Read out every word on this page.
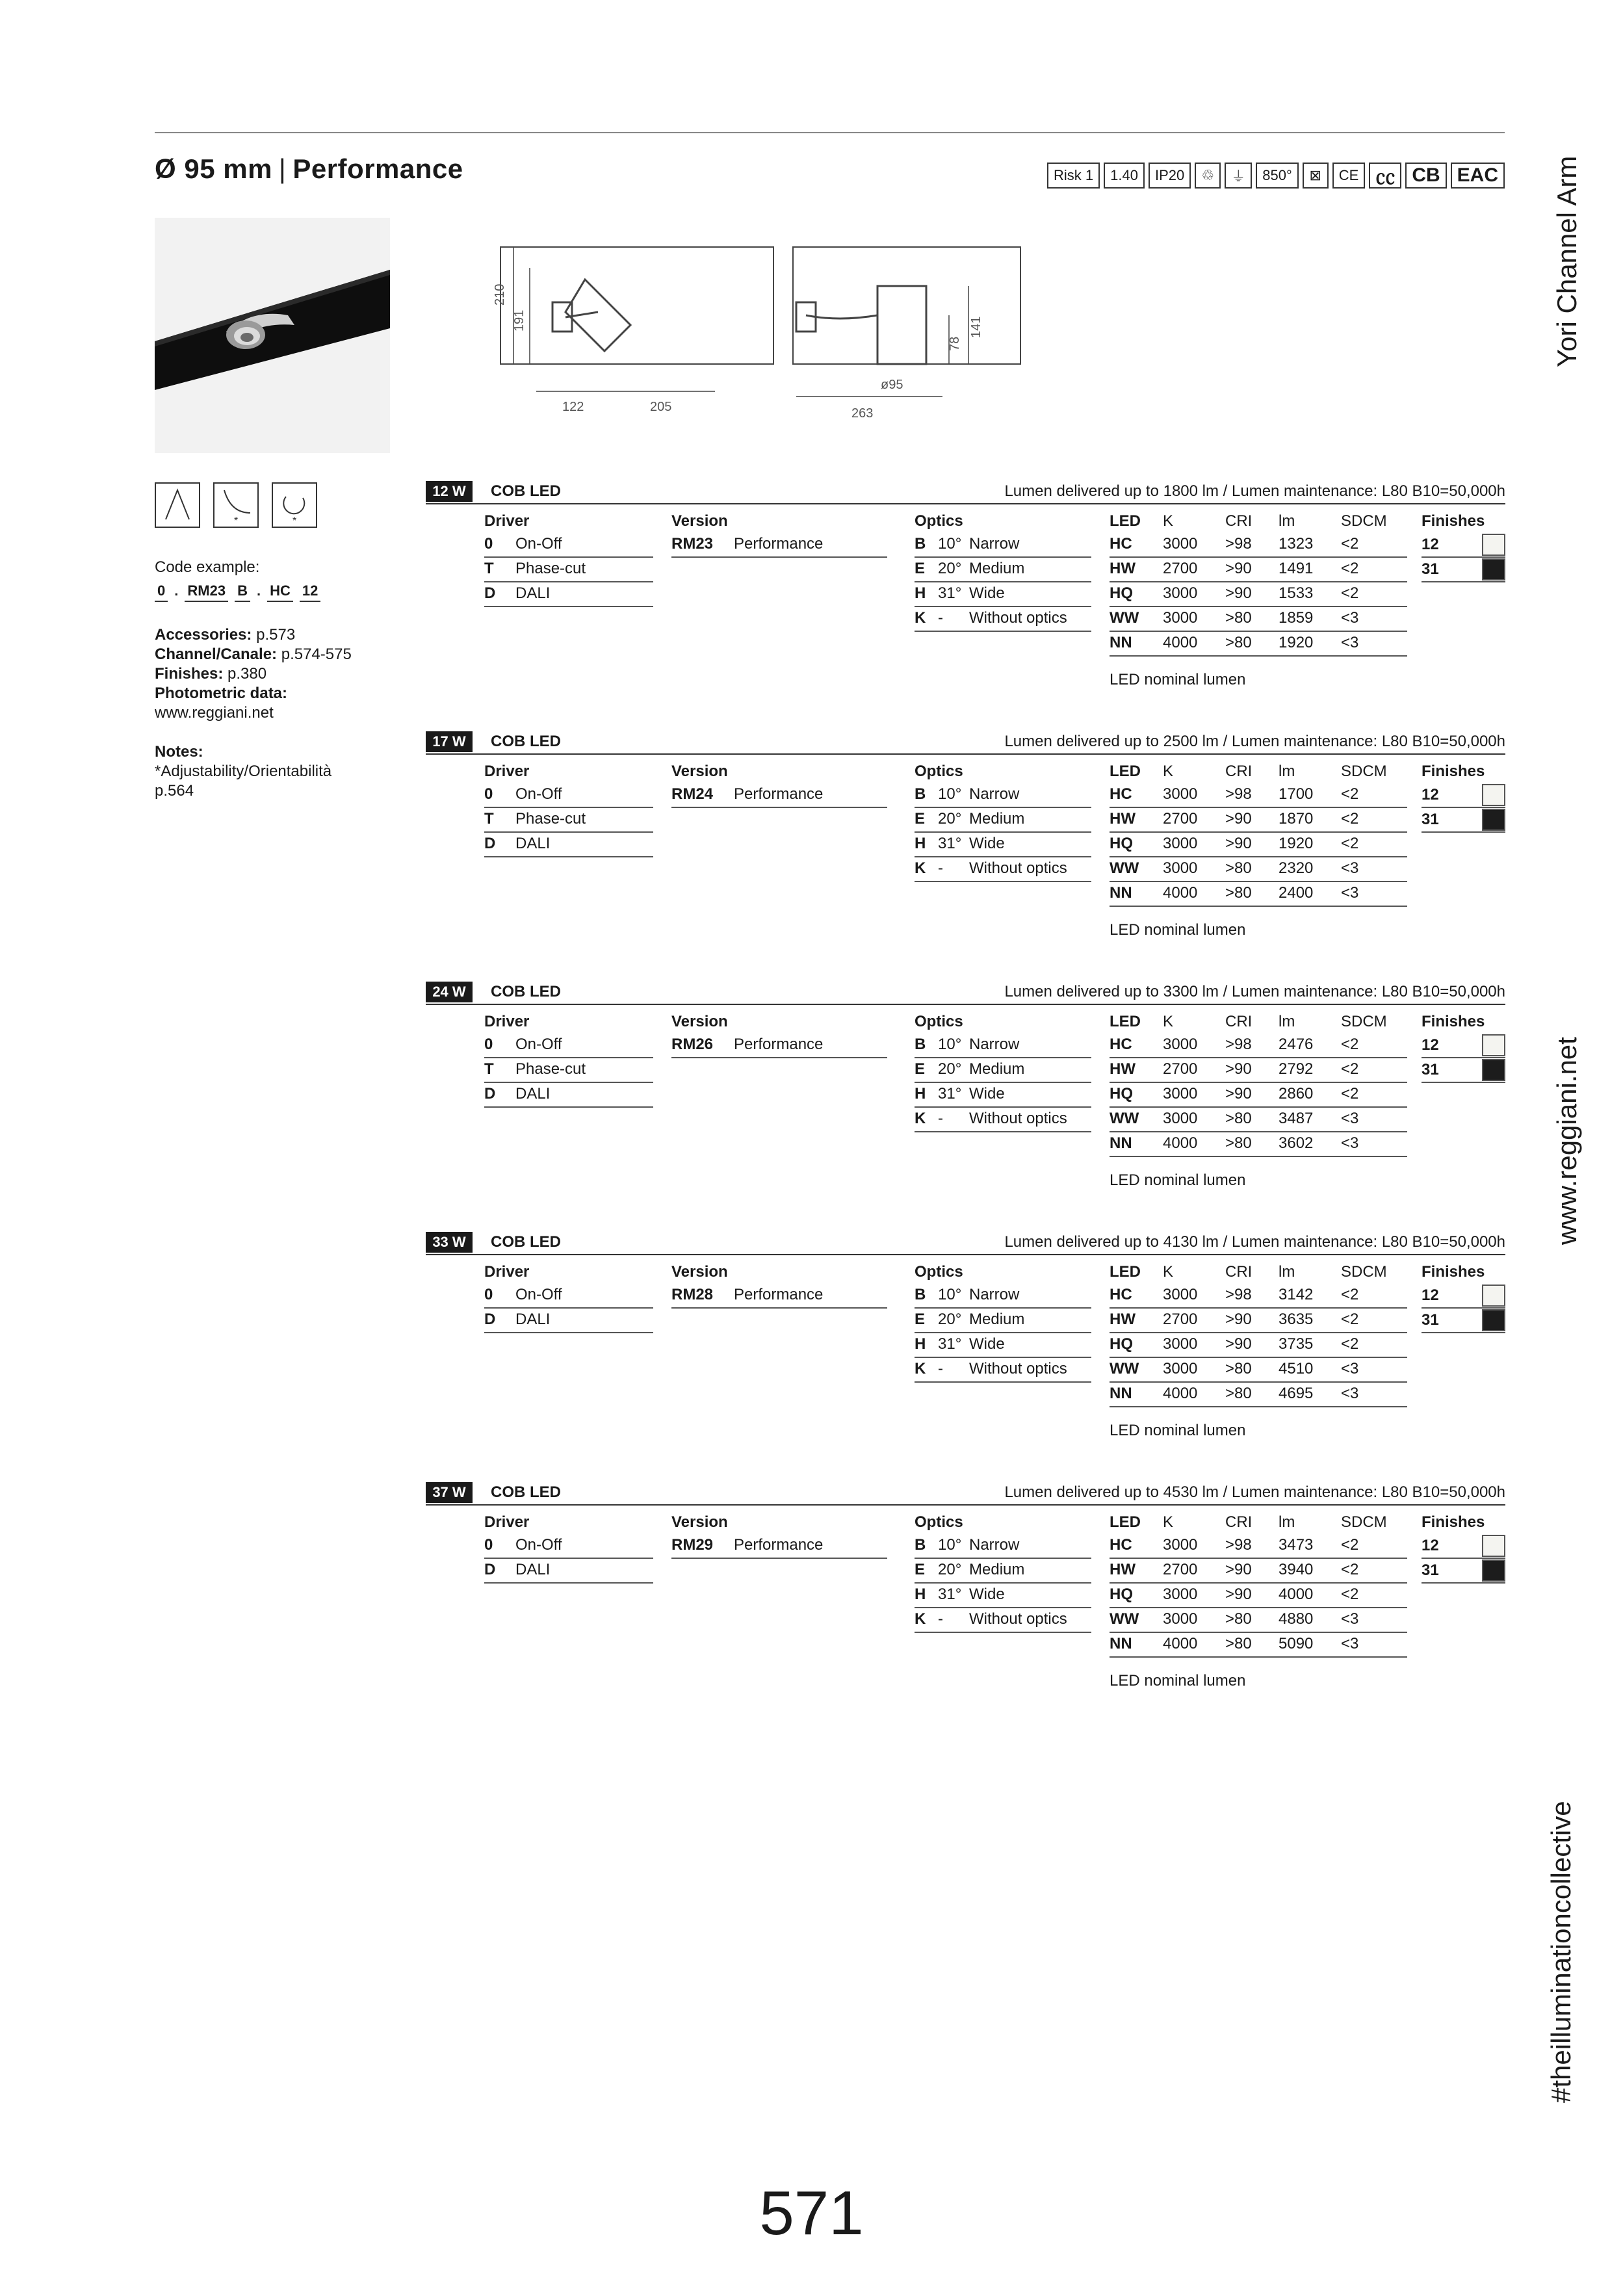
Ø 95 mm | Performance	Risk 1	1.40	IP20	♲	⏚	850°	⊠	CE ㏄ CB EAC
210
191
122	205
ø95
263
78
141
*	*
Code example:
0 . RM23 B . HC 12
Accessories: p.573
Channel/Canale: p.574-575
Finishes: p.380
Photometric data:
www.reggiani.net
Notes:
*Adjustability/Orientabilità
p.564
12 W	COB LED	Lumen delivered up to 1800 lm / Lumen maintenance: L80 B10=50,000h
Driver
0	On-Off
T	Phase-cut
D	DALI
Version
RM23	Performance
Optics
B 10° Narrow
E 20° Medium
H 31° Wide
K -	Without optics
LED K	CRI lm	SDCM
HC	3000	>98	1323	<2
HW	2700	>90	1491	<2
HQ	3000	>90	1533	<2
WW	3000	>80	1859	<3
NN	4000	>80	1920	<3
LED nominal lumen
Finishes
12
31
17 W	COB LED	Lumen delivered up to 2500 lm / Lumen maintenance: L80 B10=50,000h
Driver
0	On-Off
T	Phase-cut
D	DALI
Version
RM24	Performance
Optics
B 10° Narrow
E 20° Medium
H 31° Wide
K -	Without optics
LED K	CRI lm	SDCM
HC	3000	>98	1700	<2
HW	2700	>90	1870	<2
HQ	3000	>90	1920	<2
WW	3000	>80	2320	<3
NN	4000	>80	2400	<3
LED nominal lumen
Finishes
12
31
24 W	COB LED	Lumen delivered up to 3300 lm / Lumen maintenance: L80 B10=50,000h
Driver
0	On-Off
T	Phase-cut
D	DALI
Version
RM26	Performance
Optics
B 10° Narrow
E 20° Medium
H 31° Wide
K -	Without optics
LED K	CRI lm	SDCM
HC	3000	>98	2476	<2
HW	2700	>90	2792	<2
HQ	3000	>90	2860	<2
WW	3000	>80	3487	<3
NN	4000	>80	3602	<3
LED nominal lumen
Finishes
12
31
33 W	COB LED	Lumen delivered up to 4130 lm / Lumen maintenance: L80 B10=50,000h
Driver
0	On-Off
D	DALI
Version
RM28	Performance
Optics
B 10° Narrow
E 20° Medium
H 31° Wide
K -	Without optics
LED K	CRI lm	SDCM
HC	3000	>98	3142	<2
HW	2700	>90	3635	<2
HQ	3000	>90	3735	<2
WW	3000	>80	4510	<3
NN	4000	>80	4695	<3
LED nominal lumen
Finishes
12
31
37 W	COB LED	Lumen delivered up to 4530 lm / Lumen maintenance: L80 B10=50,000h
Driver
0	On-Off
D	DALI
Version
RM29	Performance
Optics
B 10° Narrow
E 20° Medium
H 31° Wide
K -	Without optics
LED K	CRI lm	SDCM
HC	3000	>98	3473	<2
HW	2700	>90	3940	<2
HQ	3000	>90	4000	<2
WW	3000	>80	4880	<3
NN	4000	>80	5090	<3
LED nominal lumen
Finishes
12
31
Yori Channel Arm
www.reggiani.net
#theilluminationcollective
571
